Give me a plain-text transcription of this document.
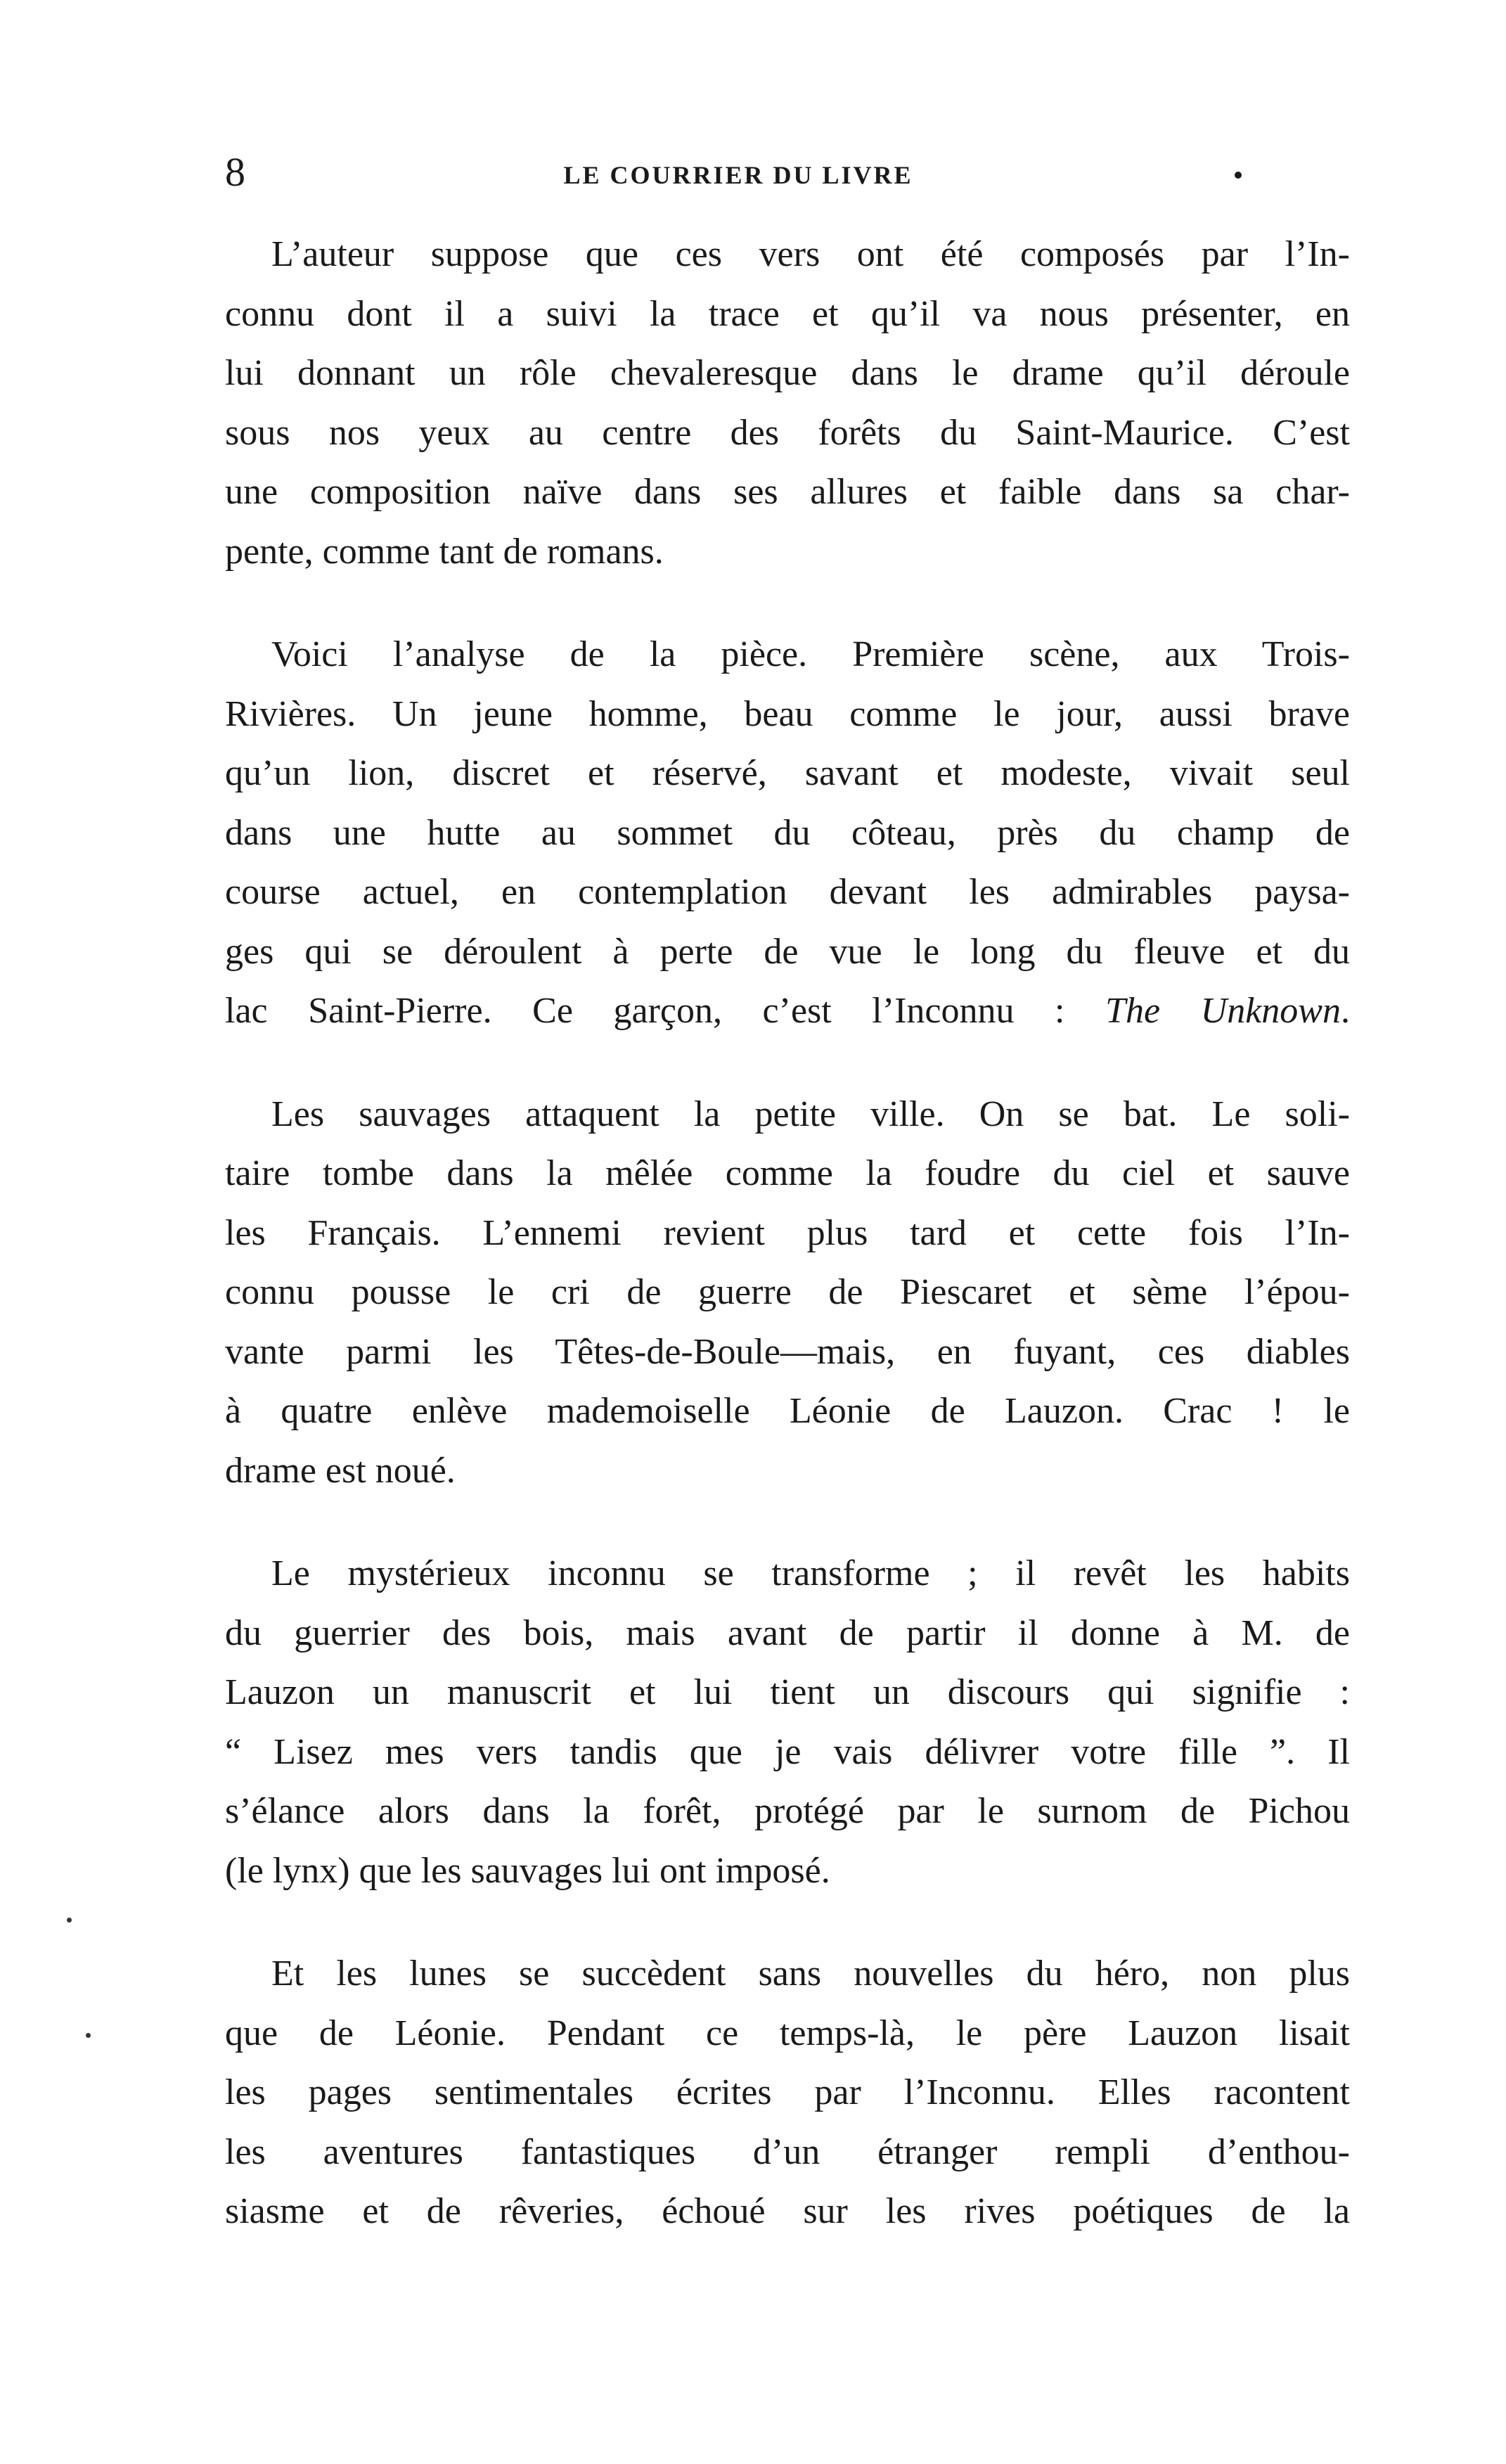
8	LE COURRIER DU LIVRE
L’auteur suppose que ces vers ont été composés par l’In-
connu dont il a suivi la trace et qu’il va nous présenter, en
lui donnant un rôle chevaleresque dans le drame qu’il déroule
sous nos yeux au centre des forêts du Saint-Maurice. C’est
une composition naïve dans ses allures et faible dans sa char-
pente, comme tant de romans.
Voici l’analyse de la pièce. Première scène, aux Trois-
Rivières. Un jeune homme, beau comme le jour, aussi brave
qu’un lion, discret et réservé, savant et modeste, vivait seul
dans une hutte au sommet du côteau, près du champ de
course actuel, en contemplation devant les admirables paysa-
ges qui se déroulent à perte de vue le long du fleuve et du
lac Saint-Pierre. Ce garçon, c’est l’Inconnu : The Unknown.
Les sauvages attaquent la petite ville. On se bat. Le soli-
taire tombe dans la mêlée comme la foudre du ciel et sauve
les Français. L’ennemi revient plus tard et cette fois l’In-
connu pousse le cri de guerre de Piescaret et sème l’épou-
vante parmi les Têtes-de-Boule—mais, en fuyant, ces diables
à quatre enlève mademoiselle Léonie de Lauzon. Crac ! le
drame est noué.
Le mystérieux inconnu se transforme ; il revêt les habits
du guerrier des bois, mais avant de partir il donne à M. de
Lauzon un manuscrit et lui tient un discours qui signifie :
“ Lisez mes vers tandis que je vais délivrer votre fille ”. Il
s’élance alors dans la forêt, protégé par le surnom de Pichou
(le lynx) que les sauvages lui ont imposé.
Et les lunes se succèdent sans nouvelles du héro, non plus
que de Léonie. Pendant ce temps-là, le père Lauzon lisait
les pages sentimentales écrites par l’Inconnu. Elles racontent
les aventures fantastiques d’un étranger rempli d’enthou-
siasme et de rêveries, échoué sur les rives poétiques de la
